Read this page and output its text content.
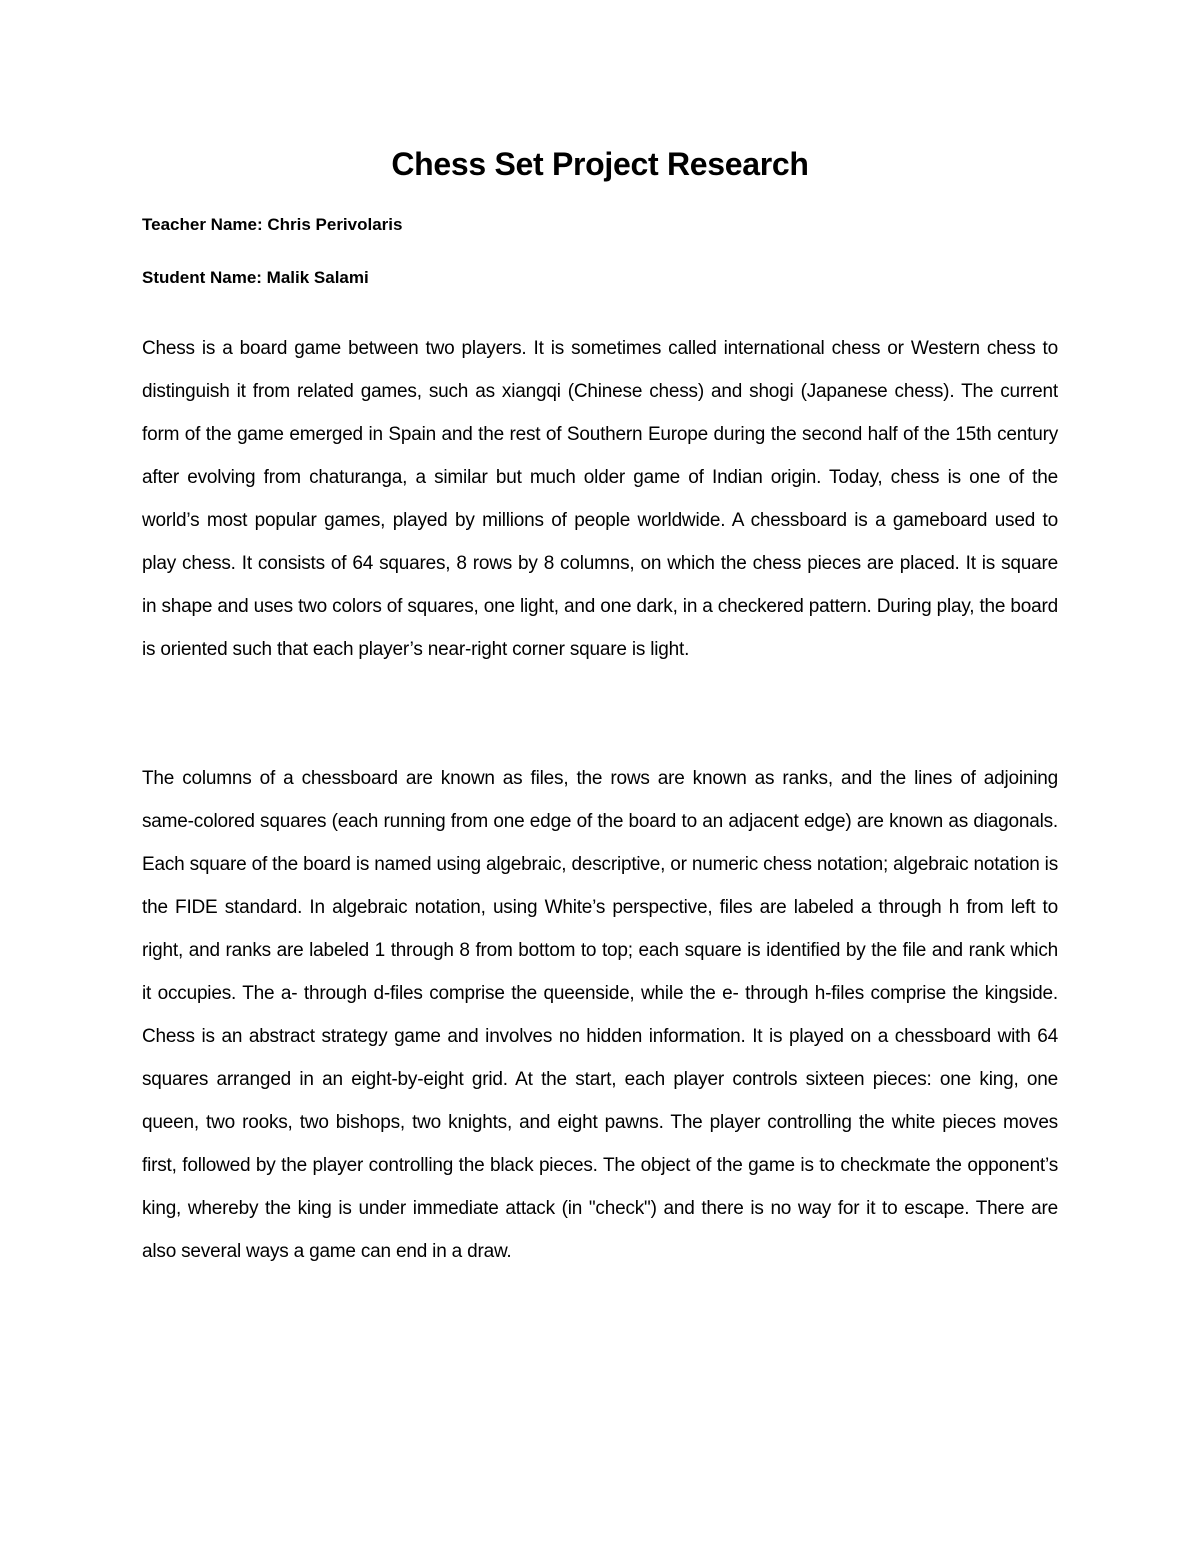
Chess Set Project Research
Teacher Name: Chris Perivolaris
Student Name: Malik Salami

Chess is a board game between two players. It is sometimes called international chess or Western chess to distinguish it from related games, such as xiangqi (Chinese chess) and shogi (Japanese chess). The current form of the game emerged in Spain and the rest of Southern Europe during the second half of the 15th century after evolving from chaturanga, a similar but much older game of Indian origin. Today, chess is one of the world’s most popular games, played by millions of people worldwide. A chessboard is a gameboard used to play chess. It consists of 64 squares, 8 rows by 8 columns, on which the chess pieces are placed. It is square in shape and uses two colors of squares, one light, and one dark, in a checkered pattern. During play, the board is oriented such that each player’s near-right corner square is light.

The columns of a chessboard are known as files, the rows are known as ranks, and the lines of adjoining same-colored squares (each running from one edge of the board to an adjacent edge) are known as diagonals. Each square of the board is named using algebraic, descriptive, or numeric chess notation; algebraic notation is the FIDE standard. In algebraic notation, using White’s perspective, files are labeled a through h from left to right, and ranks are labeled 1 through 8 from bottom to top; each square is identified by the file and rank which it occupies. The a- through d-files comprise the queenside, while the e- through h-files comprise the kingside. Chess is an abstract strategy game and involves no hidden information. It is played on a chessboard with 64 squares arranged in an eight-by-eight grid. At the start, each player controls sixteen pieces: one king, one queen, two rooks, two bishops, two knights, and eight pawns. The player controlling the white pieces moves first, followed by the player controlling the black pieces. The object of the game is to checkmate the opponent’s king, whereby the king is under immediate attack (in "check") and there is no way for it to escape. There are also several ways a game can end in a draw.
